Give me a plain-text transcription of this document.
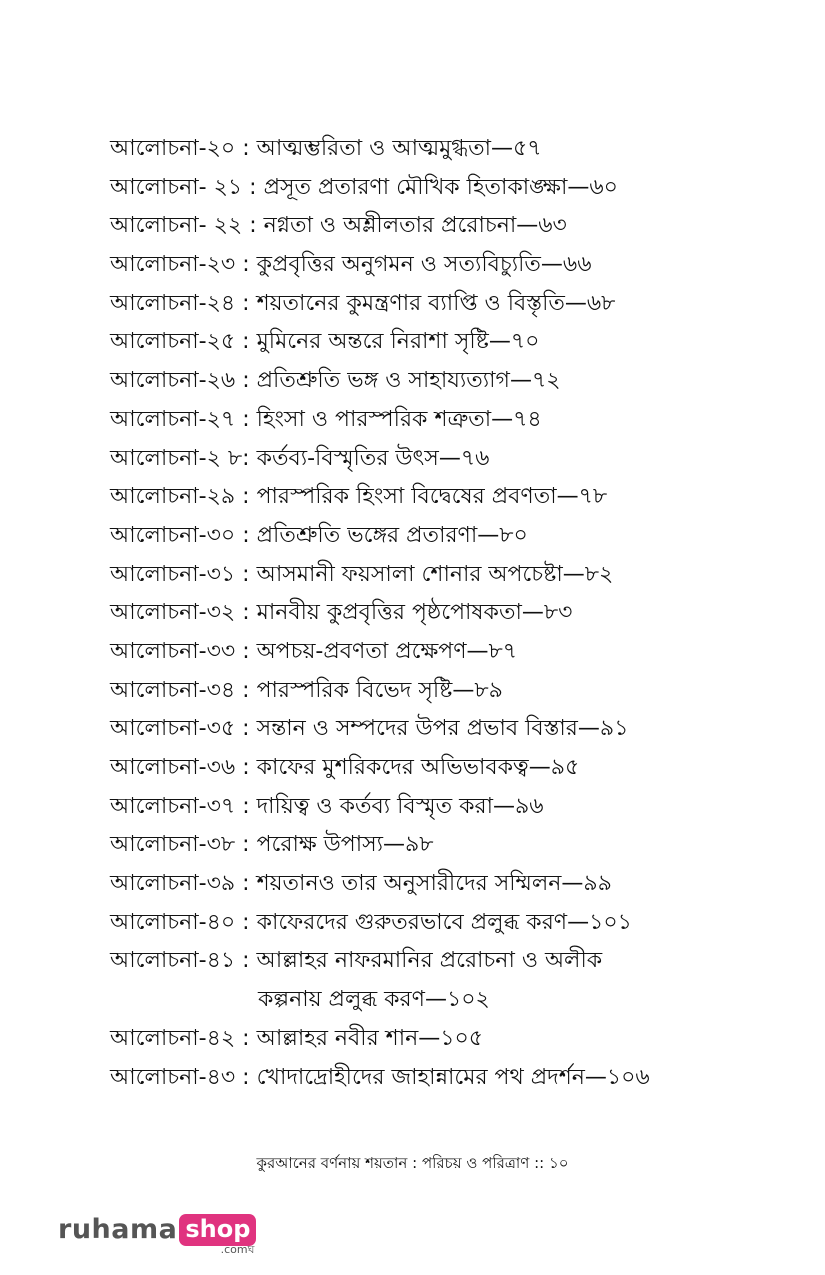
আলোচনা-২০ : আত্মম্ভরিতা ও আত্মমুগ্ধতা—৫৭
আলোচনা- ২১ : প্রসূত প্রতারণা মৌখিক হিতাকাঙ্ক্ষা—৬০
আলোচনা- ২২ : নগ্নতা ও অশ্লীলতার প্ররোচনা—৬৩
আলোচনা-২৩ : কুপ্রবৃত্তির অনুগমন ও সত্যবিচ্যুতি—৬৬
আলোচনা-২৪ : শয়তানের কুমন্ত্রণার ব্যাপ্তি ও বিস্তৃতি—৬৮
আলোচনা-২৫ : মুমিনের অন্তরে নিরাশা সৃষ্টি—৭০
আলোচনা-২৬ : প্রতিশ্রুতি ভঙ্গ ও সাহায্যত্যাগ—৭২
আলোচনা-২৭ : হিংসা ও পারস্পরিক শত্রুতা—৭৪
আলোচনা-২ ৮: কর্তব্য-বিস্মৃতির উৎস—৭৬
আলোচনা-২৯ : পারস্পরিক হিংসা বিদ্বেষের প্রবণতা—৭৮
আলোচনা-৩০ : প্রতিশ্রুতি ভঙ্গের প্রতারণা—৮০
আলোচনা-৩১ : আসমানী ফয়সালা শোনার অপচেষ্টা—৮২
আলোচনা-৩২ : মানবীয় কুপ্রবৃত্তির পৃষ্ঠপোষকতা—৮৩
আলোচনা-৩৩ : অপচয়-প্রবণতা প্রক্ষেপণ—৮৭
আলোচনা-৩৪ : পারস্পরিক বিভেদ সৃষ্টি—৮৯
আলোচনা-৩৫ : সন্তান ও সম্পদের উপর প্রভাব বিস্তার—৯১
আলোচনা-৩৬ : কাফের মুশরিকদের অভিভাবকত্ব—৯৫
আলোচনা-৩৭ : দায়িত্ব ও কর্তব্য বিস্মৃত করা—৯৬
আলোচনা-৩৮ : পরোক্ষ উপাস্য—৯৮
আলোচনা-৩৯ : শয়তানও তার অনুসারীদের সম্মিলন—৯৯
আলোচনা-৪০ : কাফেরদের গুরুতরভাবে প্রলুব্ধ করণ—১০১
আলোচনা-৪১ : আল্লাহর নাফরমানির প্ররোচনা ও অলীক
কল্পনায় প্রলুব্ধ করণ—১০২
আলোচনা-৪২ : আল্লাহর নবীর শান—১০৫
আলোচনা-৪৩ : খোদাদ্রোহীদের জাহান্নামের পথ প্রদর্শন—১০৬
কুরআনের বর্ণনায় শয়তান : পরিচয় ও পরিত্রাণ :: ১০
ruhama shop
.comঘ
